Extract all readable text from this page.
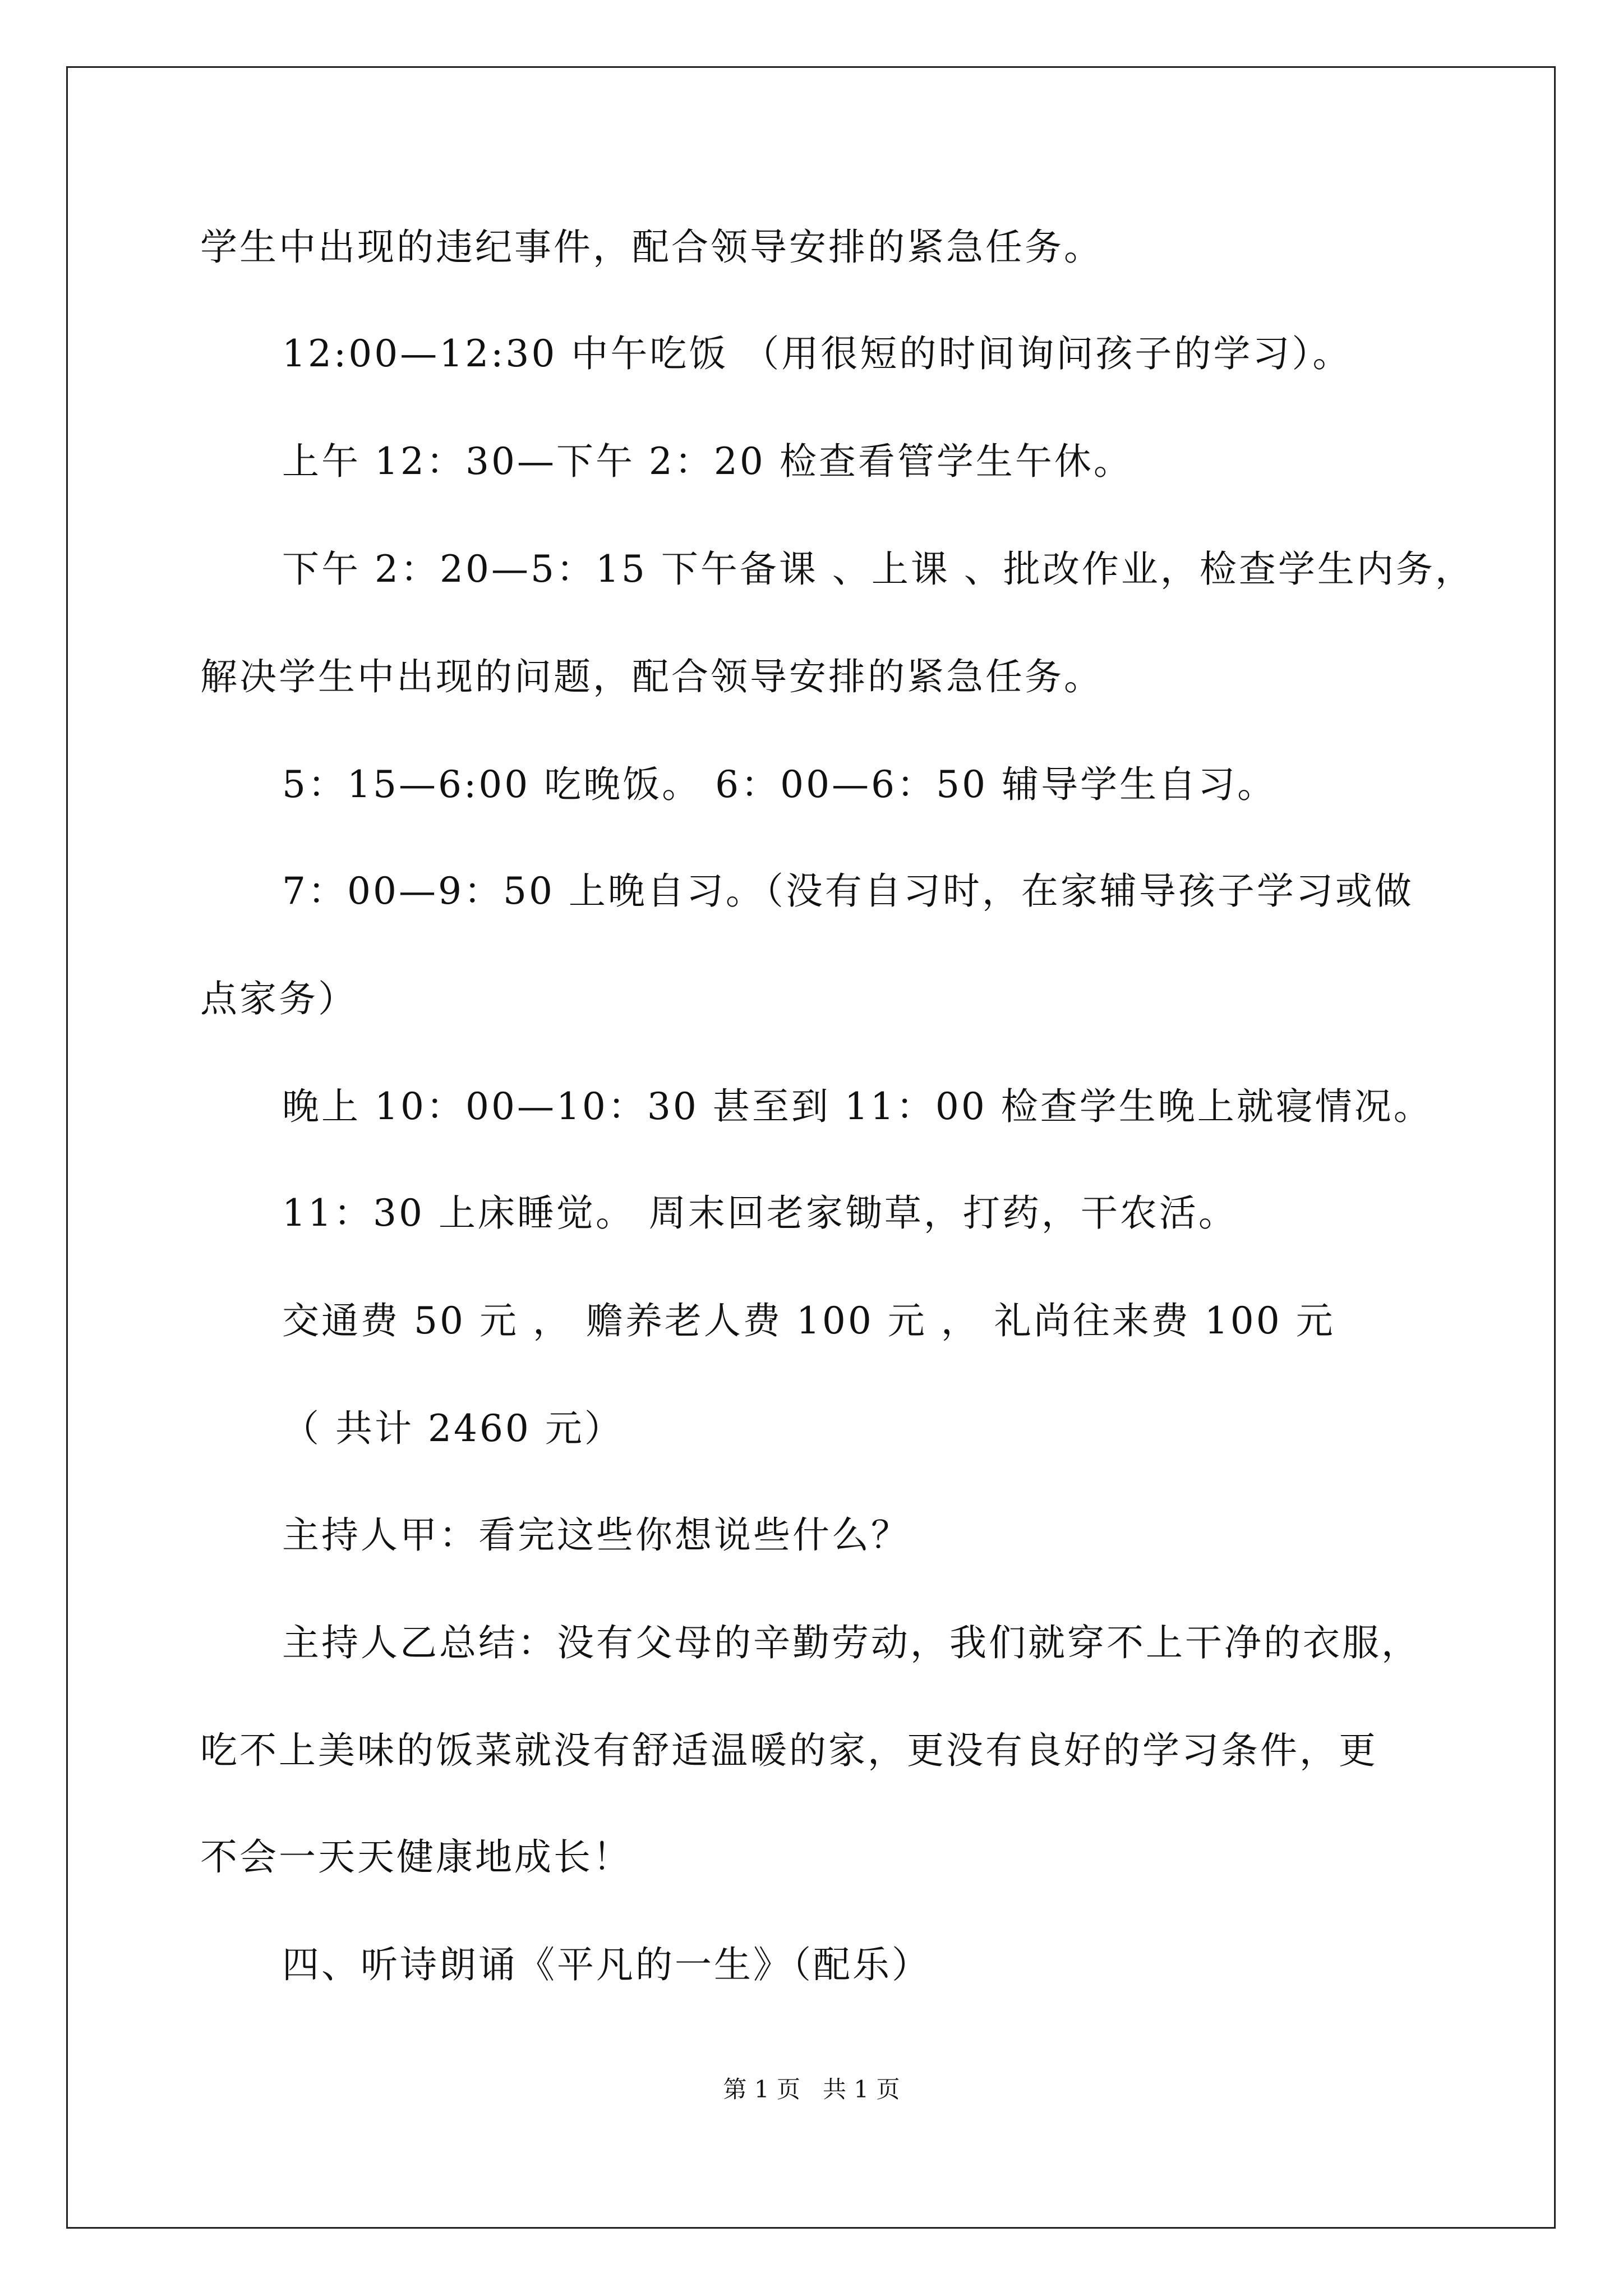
学生中出现的违纪事件，配合领导安排的紧急任务。
12:00—12:30 中午吃饭 （用很短的时间询问孩子的学习）。
上午 12：30—下午 2：20 检查看管学生午休。
下午 2：20—5：15 下午备课 、上课 、批改作业，检查学生内务，
解决学生中出现的问题，配合领导安排的紧急任务。
5：15—6:00 吃晚饭。 6：00—6：50 辅导学生自习。
7：00—9：50 上晚自习。（没有自习时，在家辅导孩子学习或做
点家务）
晚上 10：00—10：30 甚至到 11：00 检查学生晚上就寝情况。
11：30 上床睡觉。 周末回老家锄草，打药，干农活。
交通费 50 元 ， 赡养老人费 100 元 ， 礼尚往来费 100 元
（ 共计 2460 元）
主持人甲：看完这些你想说些什么？
主持人乙总结：没有父母的辛勤劳动，我们就穿不上干净的衣服，
吃不上美味的饭菜就没有舒适温暖的家，更没有良好的学习条件，更
不会一天天健康地成长！
四、听诗朗诵《平凡的一生》（配乐）
第 1 页   共 1 页
